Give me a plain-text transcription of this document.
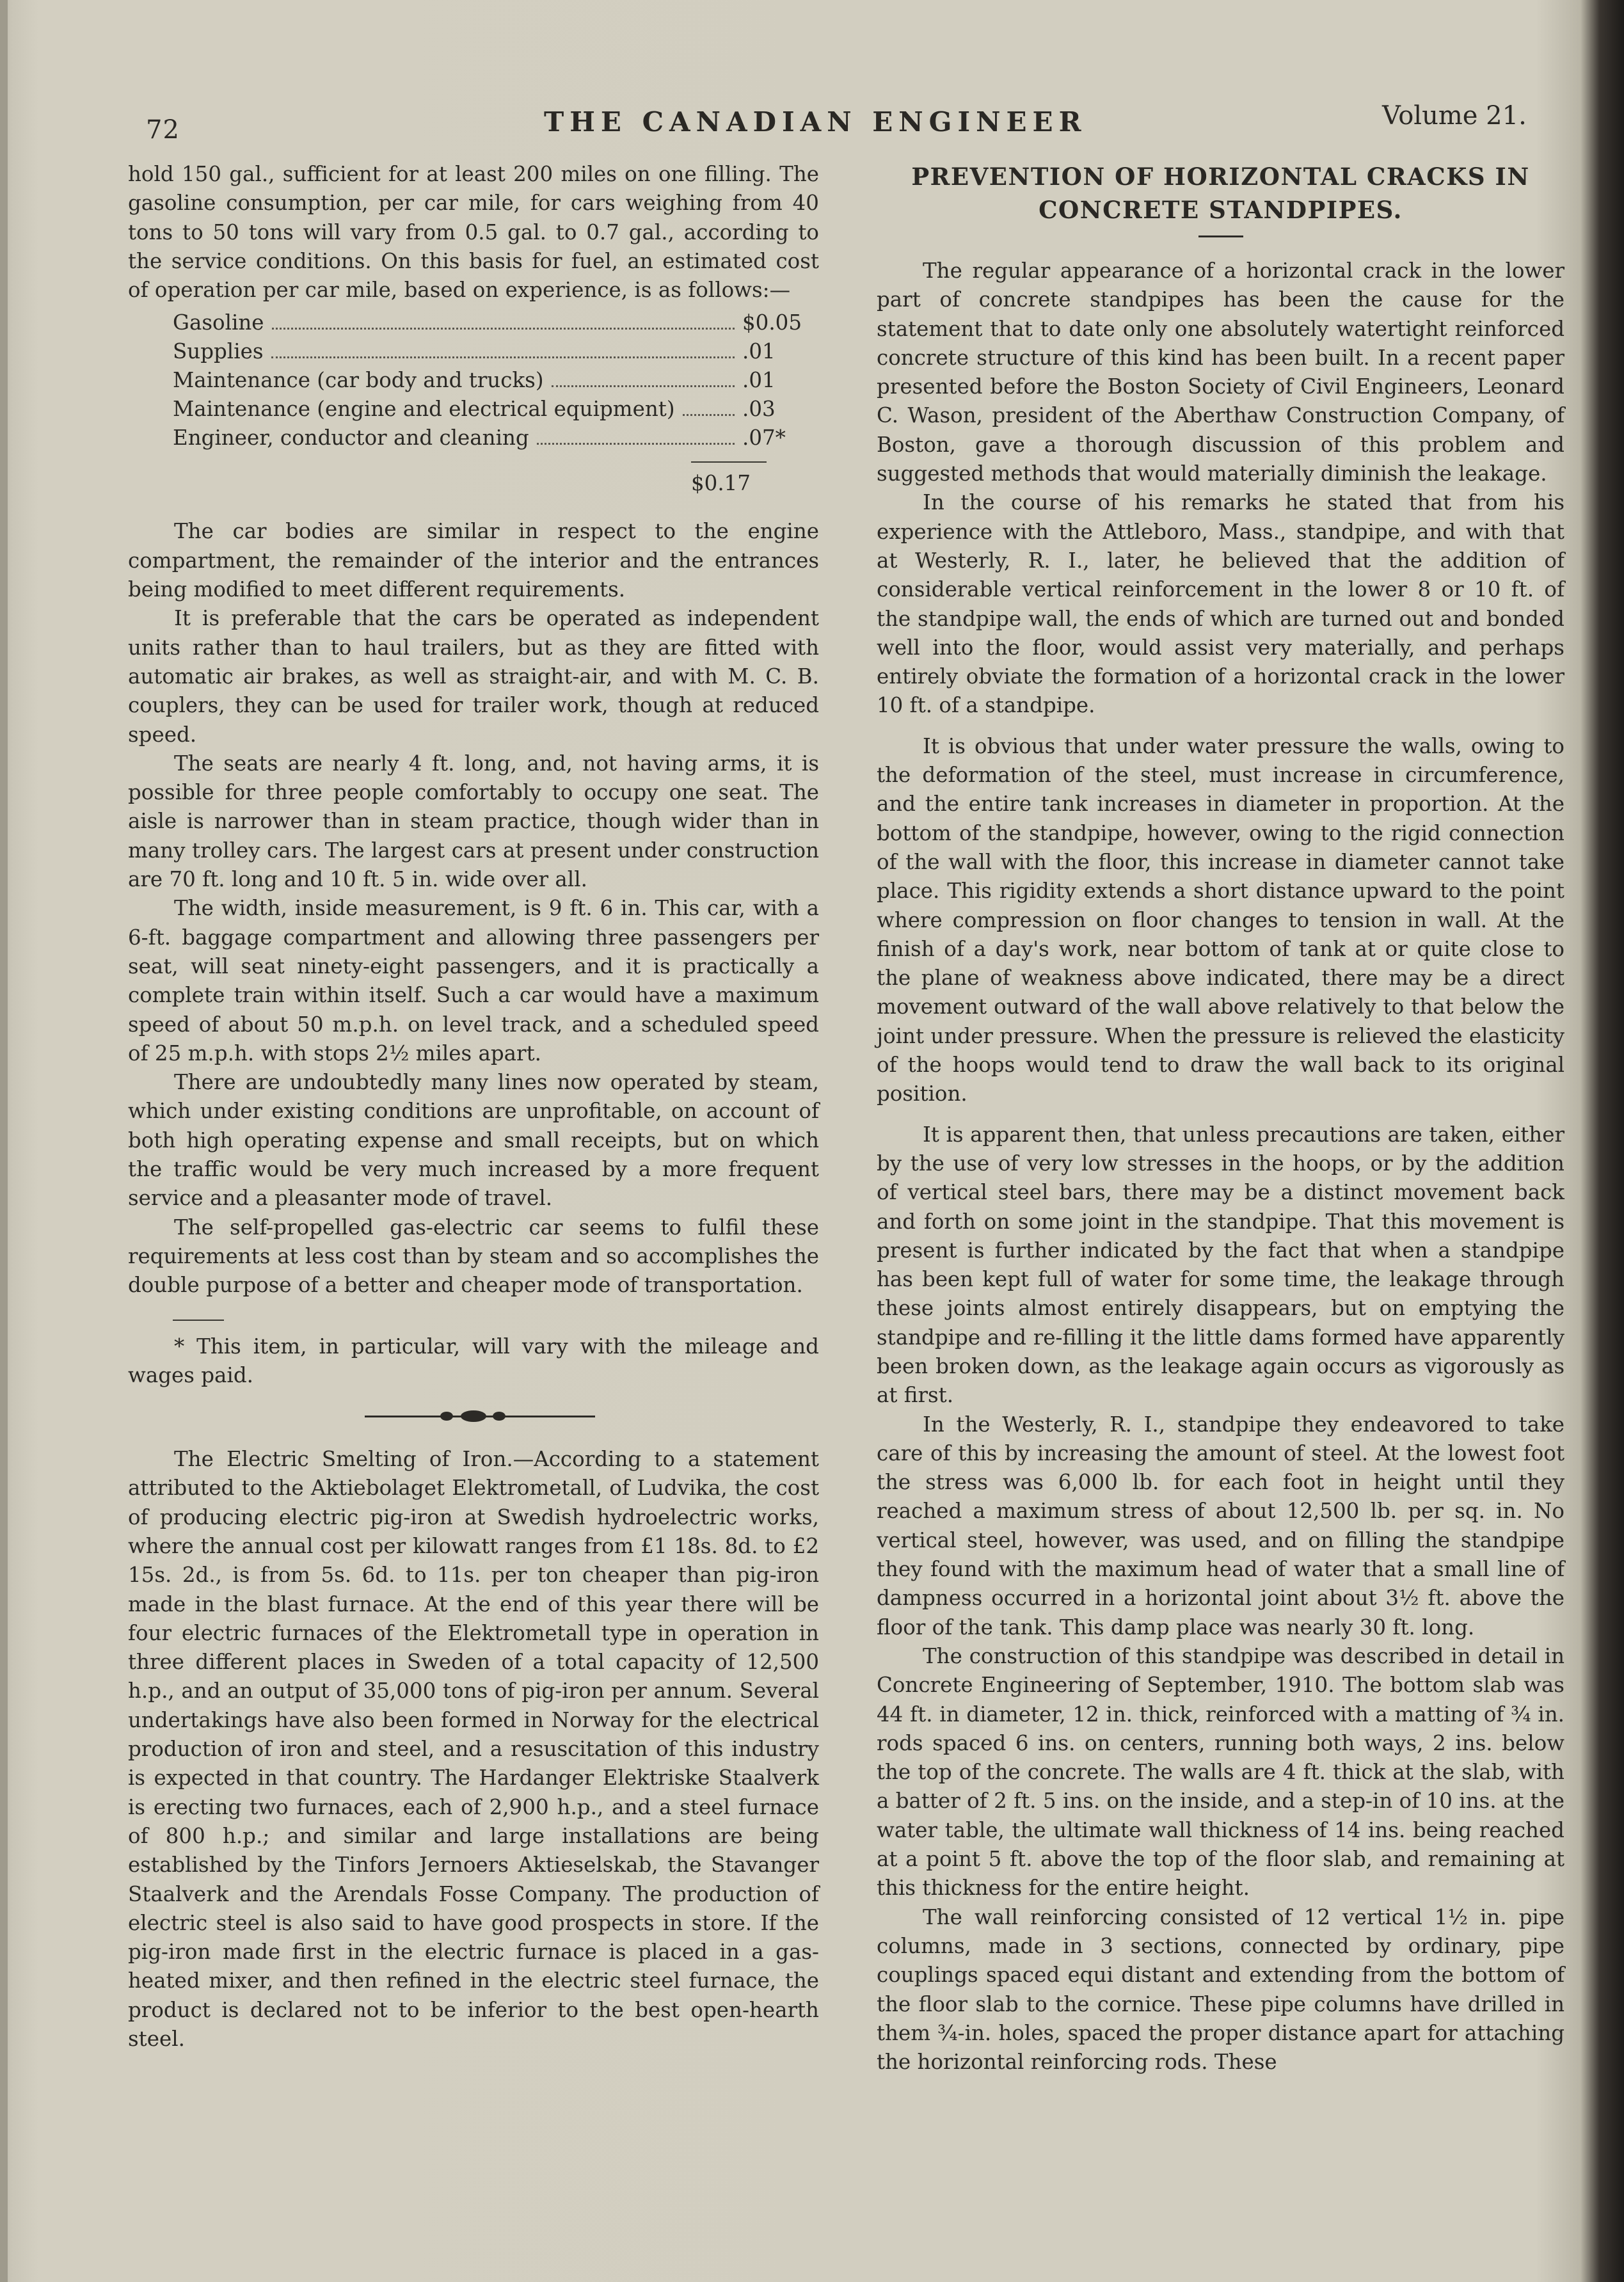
72	THE CANADIAN ENGINEER	Volume 21.

hold 150 gal., sufficient for at least 200 miles on one filling. The gasoline consumption, per car mile, for cars weighing from 40 tons to 50 tons will vary from 0.5 gal. to 0.7 gal., according to the service conditions. On this basis for fuel, an estimated cost of operation per car mile, based on experience, is as follows:—

Gasoline	$0.05
Supplies	.01
Maintenance (car body and trucks)	.01
Maintenance (engine and electrical equipment)	.03
Engineer, conductor and cleaning	.07*
$0.17

The car bodies are similar in respect to the engine compartment, the remainder of the interior and the entrances being modified to meet different requirements.

It is preferable that the cars be operated as independent units rather than to haul trailers, but as they are fitted with automatic air brakes, as well as straight-air, and with M. C. B. couplers, they can be used for trailer work, though at reduced speed.

The seats are nearly 4 ft. long, and, not having arms, it is possible for three people comfortably to occupy one seat. The aisle is narrower than in steam practice, though wider than in many trolley cars. The largest cars at present under construction are 70 ft. long and 10 ft. 5 in. wide over all.

The width, inside measurement, is 9 ft. 6 in. This car, with a 6-ft. baggage compartment and allowing three passengers per seat, will seat ninety-eight passengers, and it is practically a complete train within itself. Such a car would have a maximum speed of about 50 m.p.h. on level track, and a scheduled speed of 25 m.p.h. with stops 2½ miles apart.

There are undoubtedly many lines now operated by steam, which under existing conditions are unprofitable, on account of both high operating expense and small receipts, but on which the traffic would be very much increased by a more frequent service and a pleasanter mode of travel.

The self-propelled gas-electric car seems to fulfil these requirements at less cost than by steam and so accomplishes the double purpose of a better and cheaper mode of transportation.

* This item, in particular, will vary with the mileage and wages paid.

The Electric Smelting of Iron.—According to a statement attributed to the Aktiebolaget Elektrometall, of Ludvika, the cost of producing electric pig-iron at Swedish hydroelectric works, where the annual cost per kilowatt ranges from £1 18s. 8d. to £2 15s. 2d., is from 5s. 6d. to 11s. per ton cheaper than pig-iron made in the blast furnace. At the end of this year there will be four electric furnaces of the Elektrometall type in operation in three different places in Sweden of a total capacity of 12,500 h.p., and an output of 35,000 tons of pig-iron per annum. Several undertakings have also been formed in Norway for the electrical production of iron and steel, and a resuscitation of this industry is expected in that country. The Hardanger Elektriske Staalverk is erecting two furnaces, each of 2,900 h.p., and a steel furnace of 800 h.p.; and similar and large installations are being established by the Tinfors Jernoers Aktieselskab, the Stavanger Staalverk and the Arendals Fosse Company. The production of electric steel is also said to have good prospects in store. If the pig-iron made first in the electric furnace is placed in a gas-heated mixer, and then refined in the electric steel furnace, the product is declared not to be inferior to the best open-hearth steel.

PREVENTION OF HORIZONTAL CRACKS IN
CONCRETE STANDPIPES.

The regular appearance of a horizontal crack in the lower part of concrete standpipes has been the cause for the statement that to date only one absolutely watertight reinforced concrete structure of this kind has been built. In a recent paper presented before the Boston Society of Civil Engineers, Leonard C. Wason, president of the Aberthaw Construction Company, of Boston, gave a thorough discussion of this problem and suggested methods that would materially diminish the leakage.

In the course of his remarks he stated that from his experience with the Attleboro, Mass., standpipe, and with that at Westerly, R. I., later, he believed that the addition of considerable vertical reinforcement in the lower 8 or 10 ft. of the standpipe wall, the ends of which are turned out and bonded well into the floor, would assist very materially, and perhaps entirely obviate the formation of a horizontal crack in the lower 10 ft. of a standpipe.

It is obvious that under water pressure the walls, owing to the deformation of the steel, must increase in circumference, and the entire tank increases in diameter in proportion. At the bottom of the standpipe, however, owing to the rigid connection of the wall with the floor, this increase in diameter cannot take place. This rigidity extends a short distance upward to the point where compression on floor changes to tension in wall. At the finish of a day's work, near bottom of tank at or quite close to the plane of weakness above indicated, there may be a direct movement outward of the wall above relatively to that below the joint under pressure. When the pressure is relieved the elasticity of the hoops would tend to draw the wall back to its original position.

It is apparent then, that unless precautions are taken, either by the use of very low stresses in the hoops, or by the addition of vertical steel bars, there may be a distinct movement back and forth on some joint in the standpipe. That this movement is present is further indicated by the fact that when a standpipe has been kept full of water for some time, the leakage through these joints almost entirely disappears, but on emptying the standpipe and re-filling it the little dams formed have apparently been broken down, as the leakage again occurs as vigorously as at first.

In the Westerly, R. I., standpipe they endeavored to take care of this by increasing the amount of steel. At the lowest foot the stress was 6,000 lb. for each foot in height until they reached a maximum stress of about 12,500 lb. per sq. in. No vertical steel, however, was used, and on filling the standpipe they found with the maximum head of water that a small line of dampness occurred in a horizontal joint about 3½ ft. above the floor of the tank. This damp place was nearly 30 ft. long.

The construction of this standpipe was described in detail in Concrete Engineering of September, 1910. The bottom slab was 44 ft. in diameter, 12 in. thick, reinforced with a matting of ¾ in. rods spaced 6 ins. on centers, running both ways, 2 ins. below the top of the concrete. The walls are 4 ft. thick at the slab, with a batter of 2 ft. 5 ins. on the inside, and a step-in of 10 ins. at the water table, the ultimate wall thickness of 14 ins. being reached at a point 5 ft. above the top of the floor slab, and remaining at this thickness for the entire height.

The wall reinforcing consisted of 12 vertical 1½ in. pipe columns, made in 3 sections, connected by ordinary, pipe couplings spaced equi distant and extending from the bottom of the floor slab to the cornice. These pipe columns have drilled in them ¾-in. holes, spaced the proper distance apart for attaching the horizontal reinforcing rods. These
